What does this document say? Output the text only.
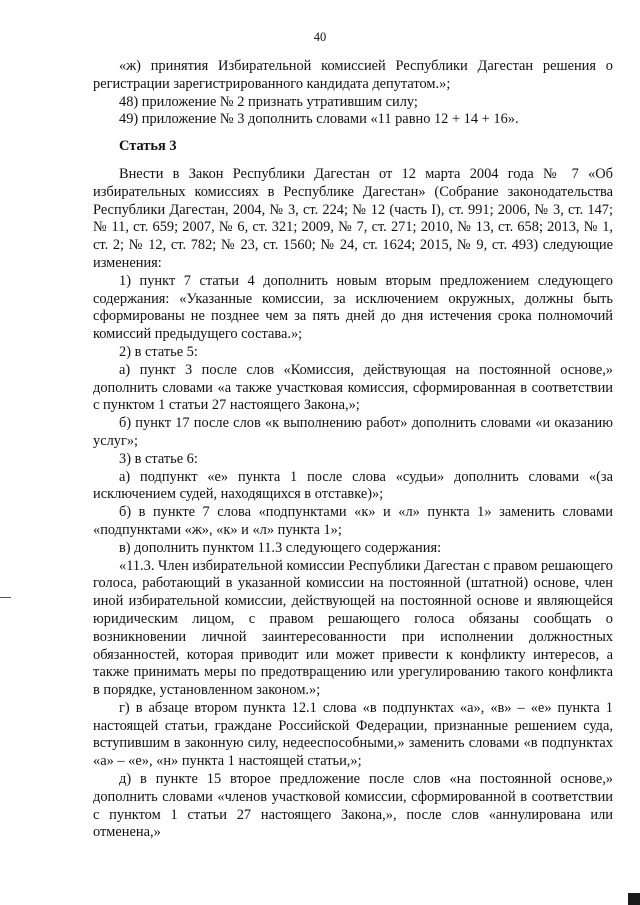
40

«ж) принятия Избирательной комиссией Республики Дагестан решения о регистрации зарегистрированного кандидата депутатом.»;

48) приложение № 2 признать утратившим силу;

49) приложение № 3 дополнить словами «11 равно 12 + 14 + 16».

Статья 3

Внести в Закон Республики Дагестан от 12 марта 2004 года № 7 «Об избирательных комиссиях в Республике Дагестан» (Собрание законодательства Республики Дагестан, 2004, № 3, ст. 224; № 12 (часть I), ст. 991; 2006, № 3, ст. 147; № 11, ст. 659; 2007, № 6, ст. 321; 2009, № 7, ст. 271; 2010, № 13, ст. 658; 2013, № 1, ст. 2; № 12, ст. 782; № 23, ст. 1560; № 24, ст. 1624; 2015, № 9, ст. 493) следующие изменения:

1) пункт 7 статьи 4 дополнить новым вторым предложением следующего содержания: «Указанные комиссии, за исключением окружных, должны быть сформированы не позднее чем за пять дней до дня истечения срока полномочий комиссий предыдущего состава.»;

2) в статье 5:

а) пункт 3 после слов «Комиссия, действующая на постоянной основе,» дополнить словами «а также участковая комиссия, сформированная в соответствии с пунктом 1 статьи 27 настоящего Закона,»;

б) пункт 17 после слов «к выполнению работ» дополнить словами «и оказанию услуг»;

3) в статье 6:

а) подпункт «е» пункта 1 после слова «судьи» дополнить словами «(за исключением судей, находящихся в отставке)»;

б) в пункте 7 слова «подпунктами «к» и «л» пункта 1» заменить словами «подпунктами «ж», «к» и «л» пункта 1»;

в) дополнить пунктом 11.3 следующего содержания:

«11.3. Член избирательной комиссии Республики Дагестан с правом решающего голоса, работающий в указанной комиссии на постоянной (штатной) основе, член иной избирательной комиссии, действующей на постоянной основе и являющейся юридическим лицом, с правом решающего голоса обязаны сообщать о возникновении личной заинтересованности при исполнении должностных обязанностей, которая приводит или может привести к конфликту интересов, а также принимать меры по предотвращению или урегулированию такого конфликта в порядке, установленном законом.»;

г) в абзаце втором пункта 12.1 слова «в подпунктах «а», «в» – «е» пункта 1 настоящей статьи, граждане Российской Федерации, признанные решением суда, вступившим в законную силу, недееспособными,» заменить словами «в подпунктах «а» – «е», «н» пункта 1 настоящей статьи,»;

д) в пункте 15 второе предложение после слов «на постоянной основе,» дополнить словами «членов участковой комиссии, сформированной в соответствии с пунктом 1 статьи 27 настоящего Закона,», после слов «аннулирована или отменена,»
